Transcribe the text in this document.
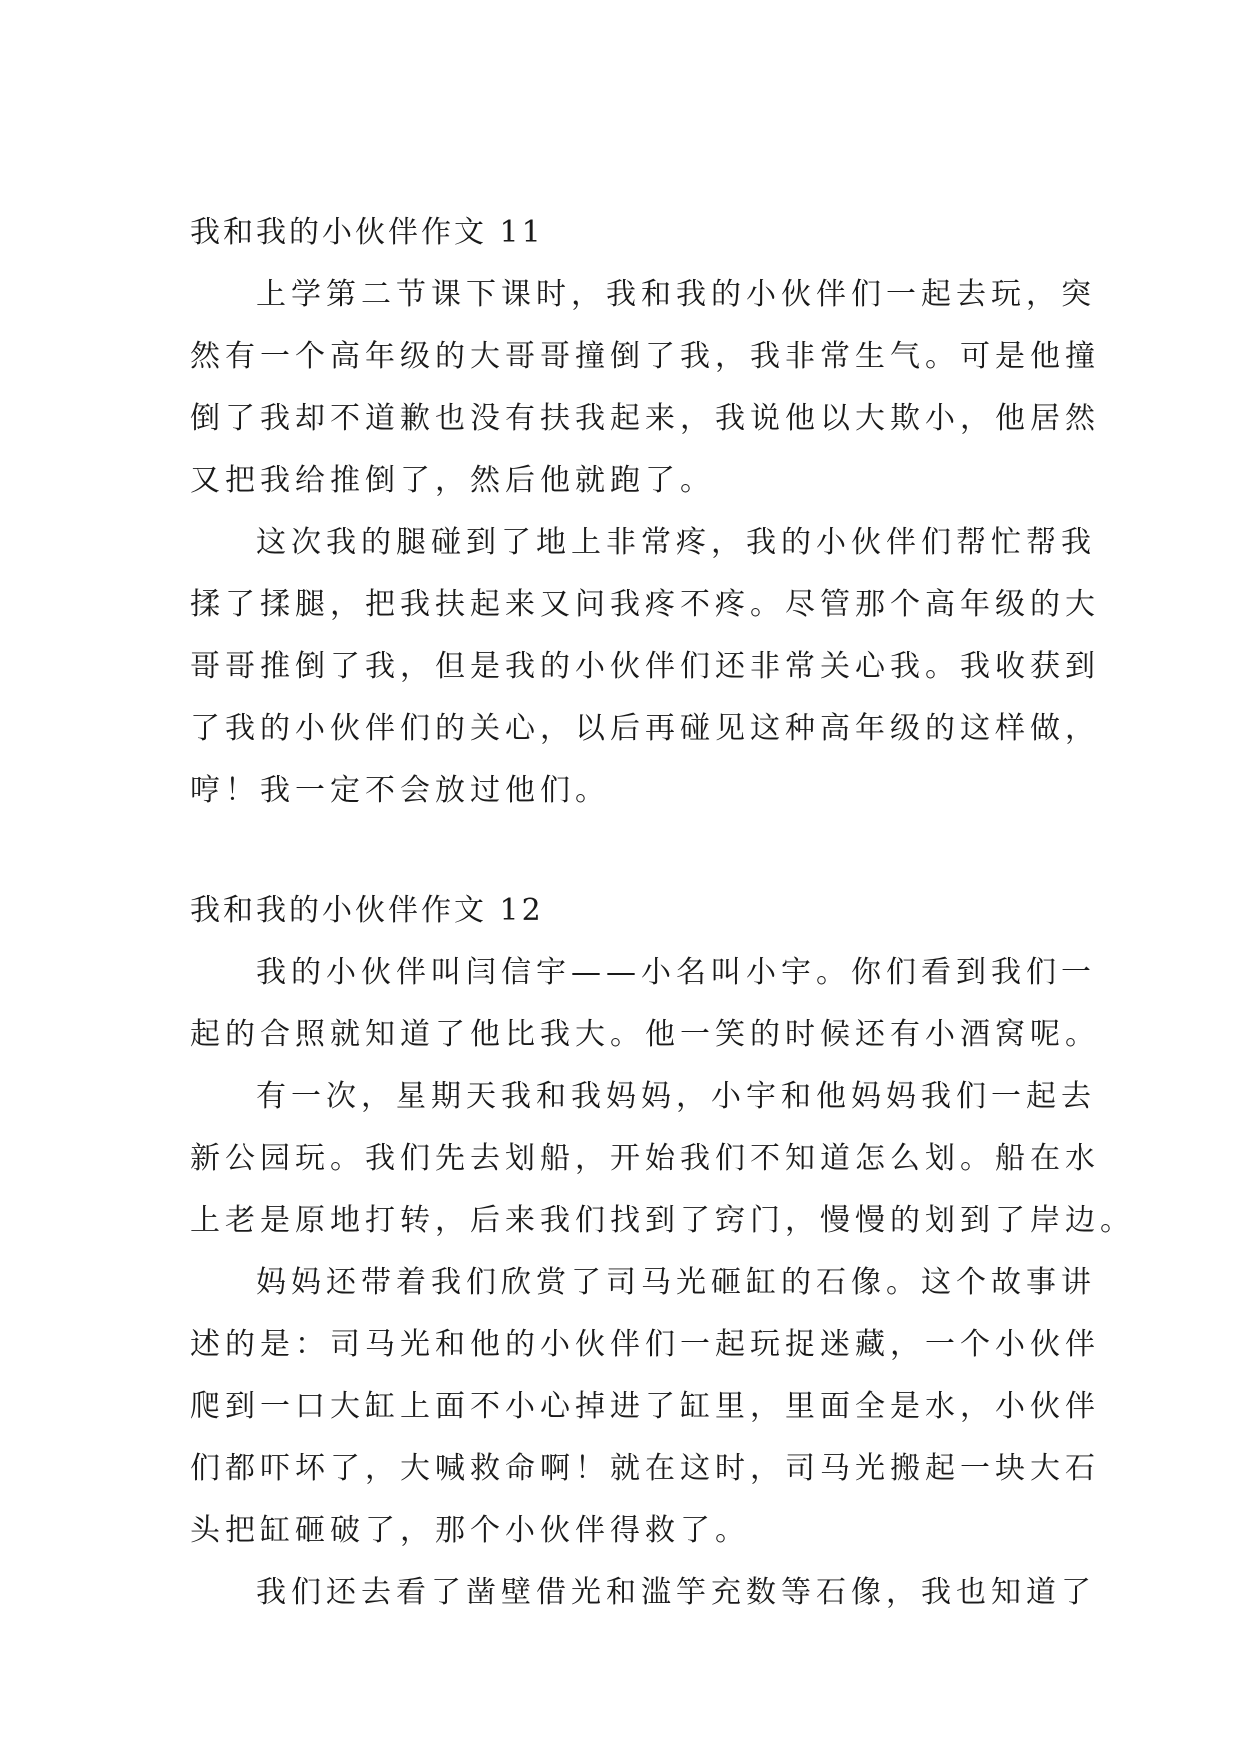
我和我的小伙伴作文 11
上学第二节课下课时，我和我的小伙伴们一起去玩，突
然有一个高年级的大哥哥撞倒了我，我非常生气。可是他撞
倒了我却不道歉也没有扶我起来，我说他以大欺小，他居然
又把我给推倒了，然后他就跑了。
这次我的腿碰到了地上非常疼，我的小伙伴们帮忙帮我
揉了揉腿，把我扶起来又问我疼不疼。尽管那个高年级的大
哥哥推倒了我，但是我的小伙伴们还非常关心我。我收获到
了我的小伙伴们的关心，以后再碰见这种高年级的这样做，
哼！我一定不会放过他们。
我和我的小伙伴作文 12
我的小伙伴叫闫信宇——小名叫小宇。你们看到我们一
起的合照就知道了他比我大。他一笑的时候还有小酒窝呢。
有一次，星期天我和我妈妈，小宇和他妈妈我们一起去
新公园玩。我们先去划船，开始我们不知道怎么划。船在水
上老是原地打转，后来我们找到了窍门，慢慢的划到了岸边。
妈妈还带着我们欣赏了司马光砸缸的石像。这个故事讲
述的是：司马光和他的小伙伴们一起玩捉迷藏，一个小伙伴
爬到一口大缸上面不小心掉进了缸里，里面全是水，小伙伴
们都吓坏了，大喊救命啊！就在这时，司马光搬起一块大石
头把缸砸破了，那个小伙伴得救了。
我们还去看了凿壁借光和滥竽充数等石像，我也知道了
